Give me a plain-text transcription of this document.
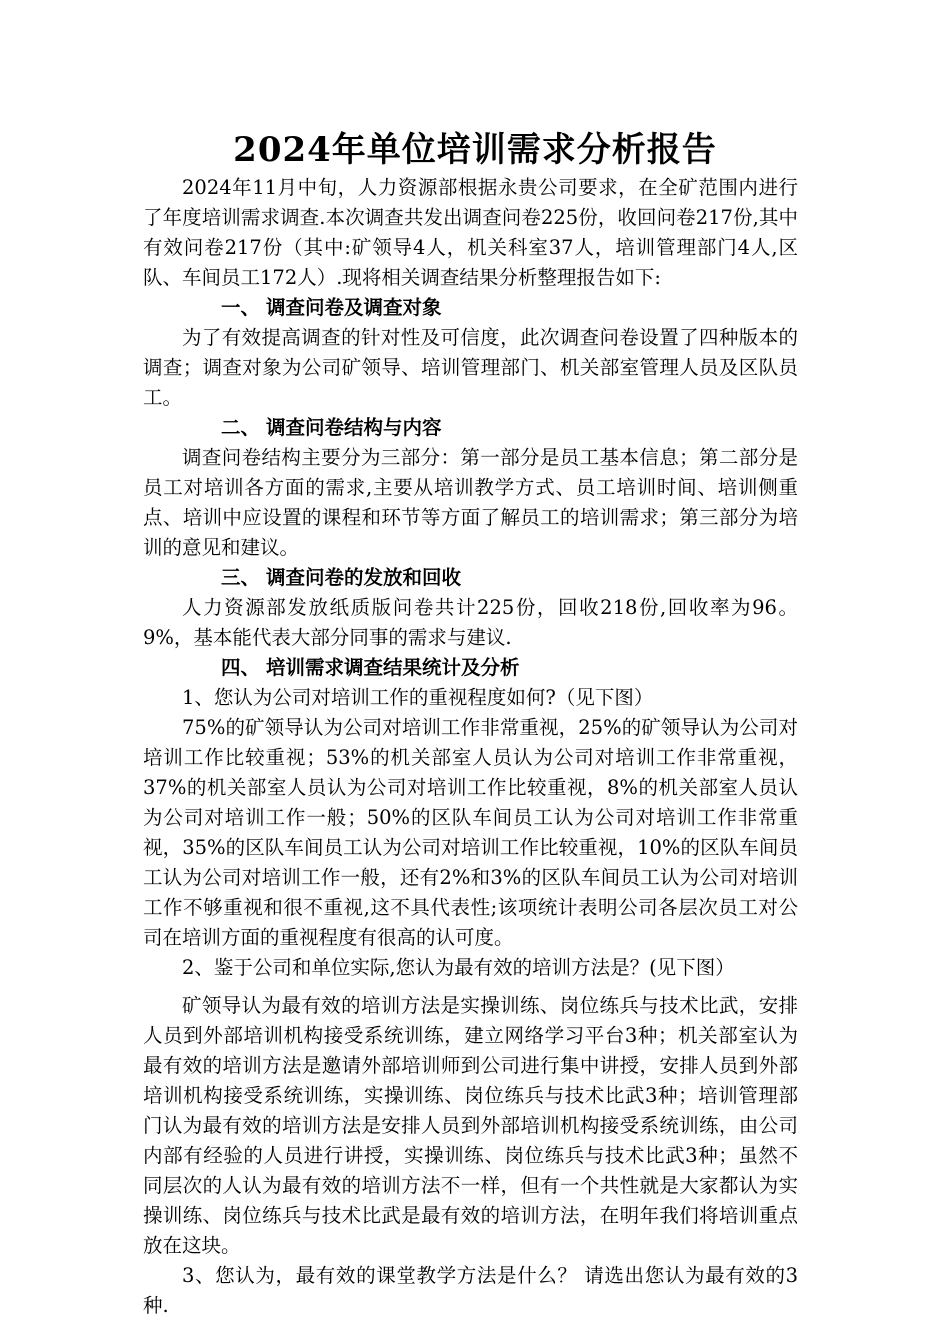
2024年单位培训需求分析报告

2024年11月中旬，人力资源部根据永贵公司要求，在全矿范围内进行了年度培训需求调查.本次调查共发出调查问卷225份，收回问卷217份,其中有效问卷217份（其中:矿领导4人，机关科室37人，培训管理部门4人,区队、车间员工172人）.现将相关调查结果分析整理报告如下:

一、 调查问卷及调查对象

为了有效提高调查的针对性及可信度，此次调查问卷设置了四种版本的调查；调查对象为公司矿领导、培训管理部门、机关部室管理人员及区队员工。

二、 调查问卷结构与内容

调查问卷结构主要分为三部分：第一部分是员工基本信息；第二部分是员工对培训各方面的需求,主要从培训教学方式、员工培训时间、培训侧重点、培训中应设置的课程和环节等方面了解员工的培训需求；第三部分为培训的意见和建议。

三、 调查问卷的发放和回收

人力资源部发放纸质版问卷共计225份，回收218份,回收率为96。9%，基本能代表大部分同事的需求与建议.

四、 培训需求调查结果统计及分析

1、您认为公司对培训工作的重视程度如何?（见下图）

75%的矿领导认为公司对培训工作非常重视，25%的矿领导认为公司对培训工作比较重视；53%的机关部室人员认为公司对培训工作非常重视，37%的机关部室人员认为公司对培训工作比较重视，8%的机关部室人员认为公司对培训工作一般；50%的区队车间员工认为公司对培训工作非常重视，35%的区队车间员工认为公司对培训工作比较重视，10%的区队车间员工认为公司对培训工作一般，还有2%和3%的区队车间员工认为公司对培训工作不够重视和很不重视,这不具代表性;该项统计表明公司各层次员工对公司在培训方面的重视程度有很高的认可度。

2、鉴于公司和单位实际,您认为最有效的培训方法是？(见下图）

矿领导认为最有效的培训方法是实操训练、岗位练兵与技术比武，安排人员到外部培训机构接受系统训练，建立网络学习平台3种；机关部室认为最有效的培训方法是邀请外部培训师到公司进行集中讲授，安排人员到外部培训机构接受系统训练，实操训练、岗位练兵与技术比武3种；培训管理部门认为最有效的培训方法是安排人员到外部培训机构接受系统训练，由公司内部有经验的人员进行讲授，实操训练、岗位练兵与技术比武3种；虽然不同层次的人认为最有效的培训方法不一样，但有一个共性就是大家都认为实操训练、岗位练兵与技术比武是最有效的培训方法，在明年我们将培训重点放在这块。

3、您认为，最有效的课堂教学方法是什么？ 请选出您认为最有效的3种.
